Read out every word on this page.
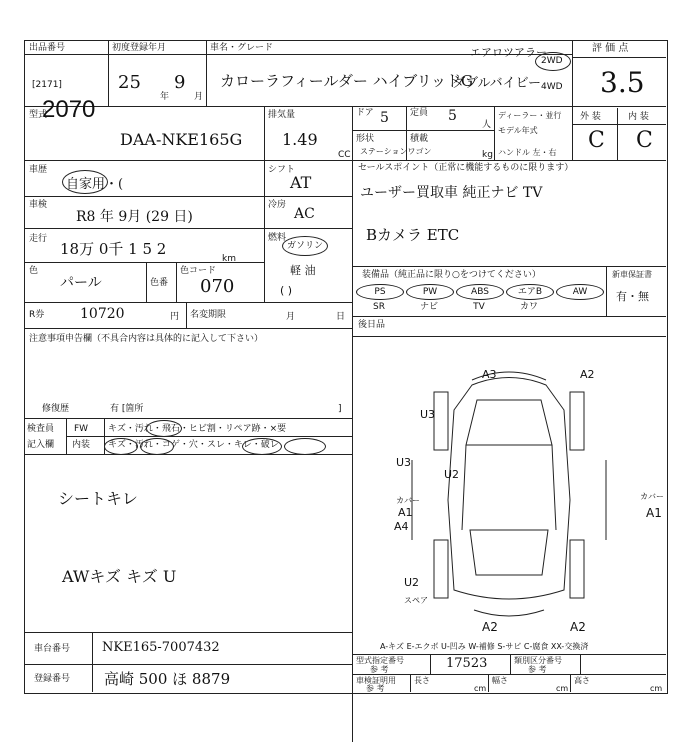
出品番号
[2171]
2070
初度登録年月
25
年
9
月
車名・グレード
カローラフィールダー ハイブリッドG
エアロツアラー
ダブルバイビー
2WD
4WD
評 価 点
3.5
外 装	内 装
C C
型式
DAA-NKE165G
排気量
1.49
CC
ドア 5 定員 5
人
形状
ステーションワゴン
積載
kg
ディーラー・並行
モデル年式
ハンドル 左・右
車歴
自家用・(
車検
R8 年 9月 (29 日)
走行
18万 0千 1 5 2
km
色
パール	色番
色コード
070
シフト
AT
冷房
AC
燃料
ガソリン
軽 油
( )
セールスポイント（正常に機能するものに限ります）
ユーザー買取車 純正ナビ TV
Bカメラ ETC
R券	10720	円 名変期限	月	日
装備品（純正品に限り○をつけてください）	新車保証書
有・無
PS	PW	ABS	エアB	AW
SR	ナビ	TV	カワ
後日品
注意事項申告欄（不具合内容は具体的に記入して下さい）
修復歴	有 [箇所	]
検査員
記入欄
FW
内装
キズ・汚れ・飛石・ヒビ割・リペア跡・×要
キズ・汚れ・コゲ・穴・スレ・キレ・破レ
シートキレ
AWキズ キズ U
A3	A2
U3
U3
U2
カバー
A1
A4
カバー
A1
U2
スペア
A2	A2
A-キズ E-エクボ U-凹み W-補修 S-サビ C-腐食 XX-交換済
車台番号 NKE165-7007432
登録番号 高崎 500 ほ 8879
型式指定番号
参 考	17523	類別区分番号
参 考
車検証明用
参 考
長さ
cm
幅さ
cm
高さ
cm
